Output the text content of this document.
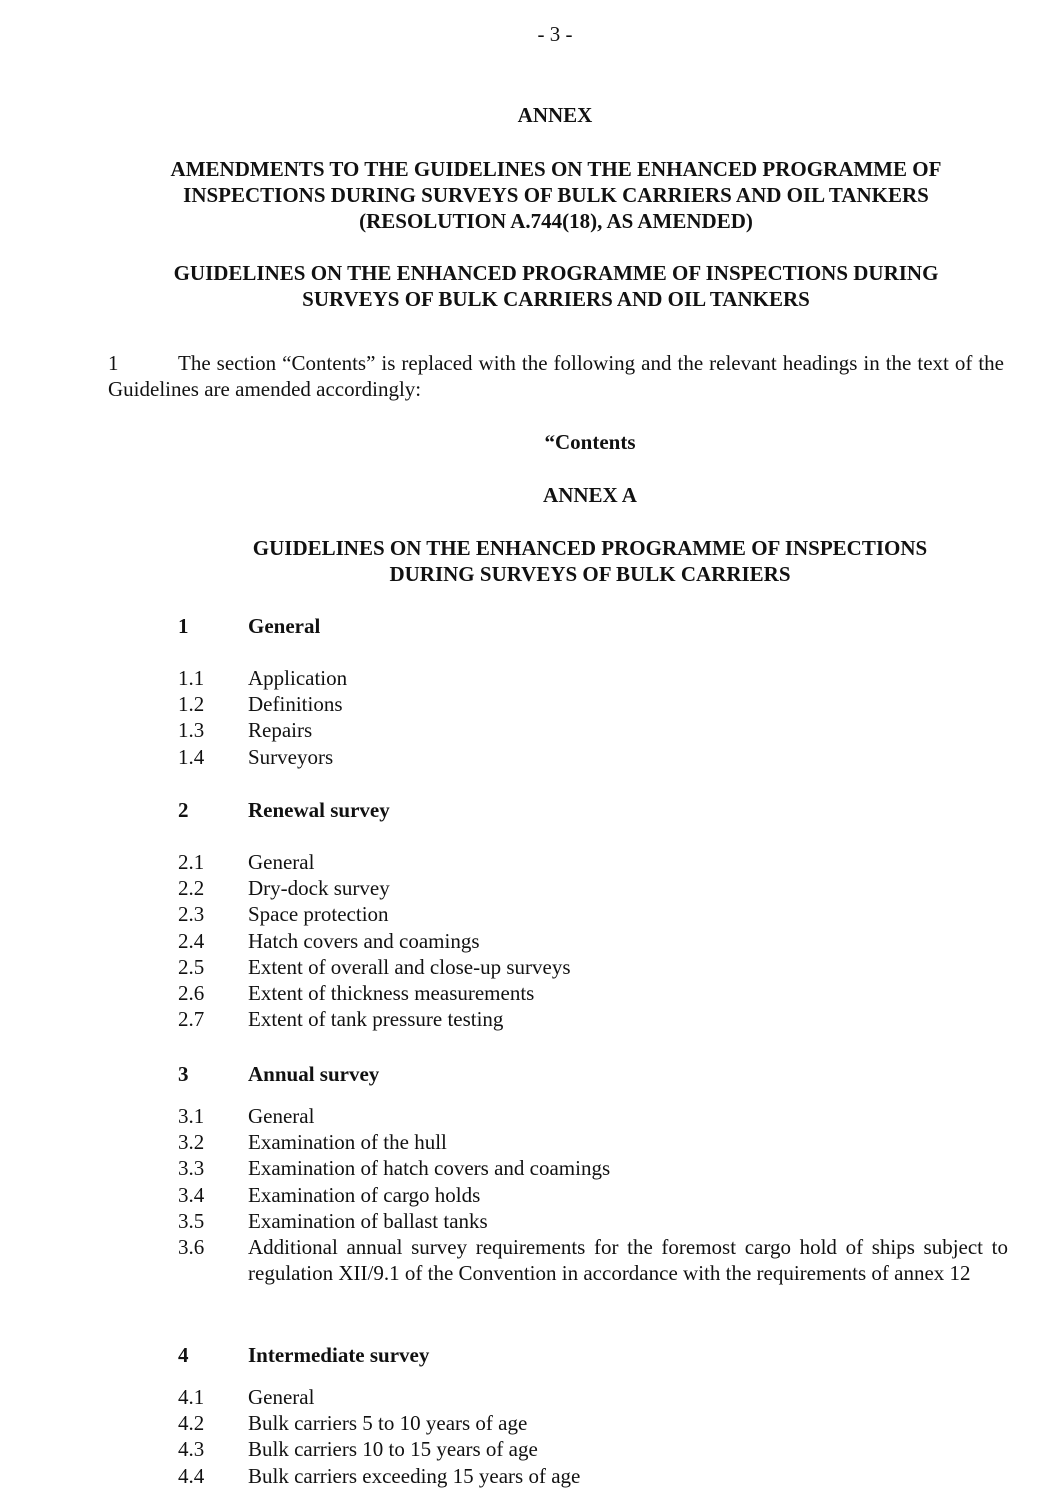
- 3 -
ANNEX
AMENDMENTS TO THE GUIDELINES ON THE ENHANCED PROGRAMME OF INSPECTIONS DURING SURVEYS OF BULK CARRIERS AND OIL TANKERS (RESOLUTION A.744(18), AS AMENDED)
GUIDELINES ON THE ENHANCED PROGRAMME OF INSPECTIONS DURING SURVEYS OF BULK CARRIERS AND OIL TANKERS
1	The section “Contents” is replaced with the following and the relevant headings in the text of the Guidelines are amended accordingly:
“Contents
ANNEX A
GUIDELINES ON THE ENHANCED PROGRAMME OF INSPECTIONS DURING SURVEYS OF BULK CARRIERS
1	General
1.1	Application
1.2	Definitions
1.3	Repairs
1.4	Surveyors
2	Renewal survey
2.1	General
2.2	Dry-dock survey
2.3	Space protection
2.4	Hatch covers and coamings
2.5	Extent of overall and close-up surveys
2.6	Extent of thickness measurements
2.7	Extent of tank pressure testing
3	Annual survey
3.1	General
3.2	Examination of the hull
3.3	Examination of hatch covers and coamings
3.4	Examination of cargo holds
3.5	Examination of ballast tanks
3.6	Additional annual survey requirements for the foremost cargo hold of ships subject to regulation XII/9.1 of the Convention in accordance with the requirements of annex 12
4	Intermediate survey
4.1	General
4.2	Bulk carriers 5 to 10 years of age
4.3	Bulk carriers 10 to 15 years of age
4.4	Bulk carriers exceeding 15 years of age
